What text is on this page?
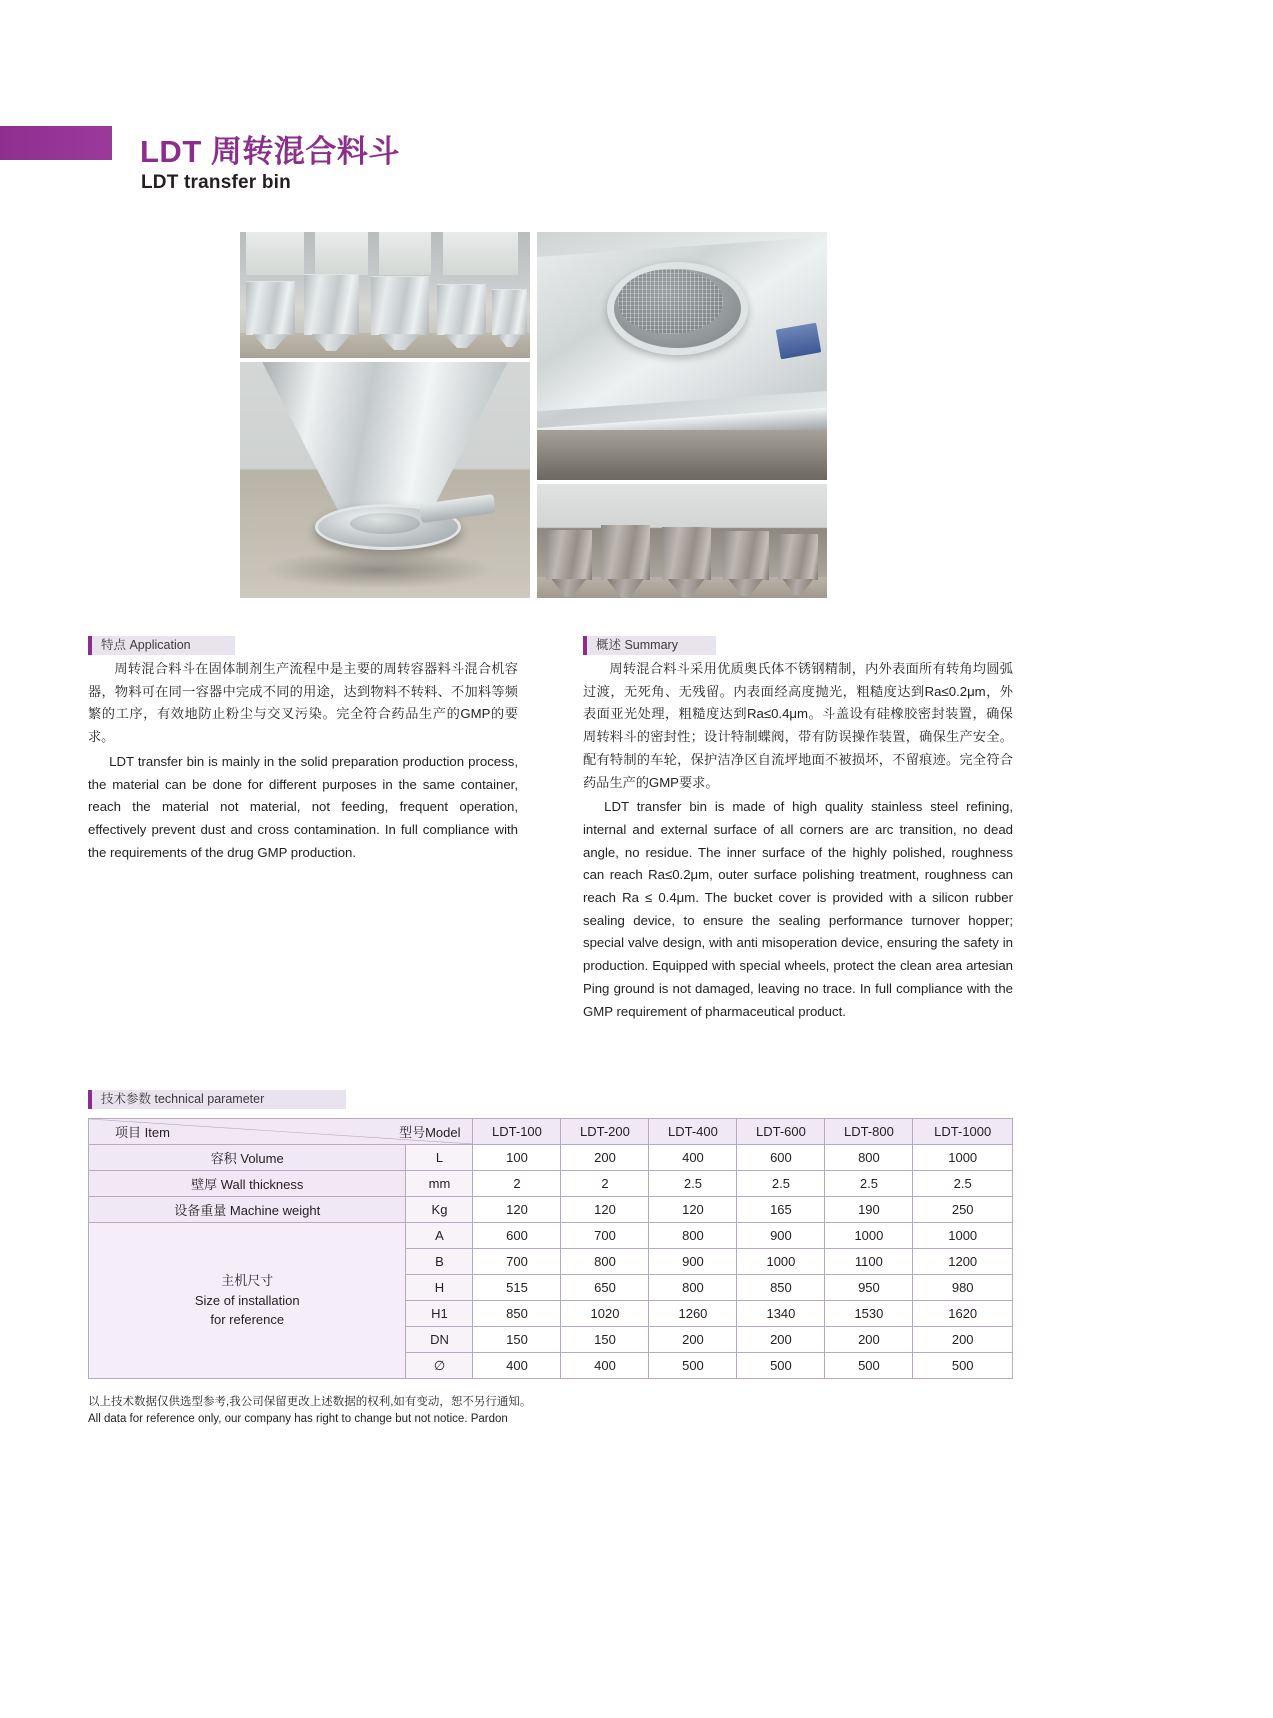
LDT 周转混合料斗
LDT transfer bin
特点 Application	概述 Summary
技术参数 technical parameter

周转混合料斗在固体制剂生产流程中是主要的周转容器料斗混合机容器，物料可在同一容器中完成不同的用途，达到物料不转料、不加料等频繁的工序，有效地防止粉尘与交叉污染。完全符合药品生产的GMP的要求。

LDT transfer bin is mainly in the solid preparation production process, the material can be done for different purposes in the same container, reach the material not material, not feeding, frequent operation, effectively prevent dust and cross contamination. In full compliance with the requirements of the drug GMP production.

周转混合料斗采用优质奥氏体不锈钢精制，内外表面所有转角均圆弧过渡，无死角、无残留。内表面经高度抛光，粗糙度达到Ra≤0.2μm，外表面亚光处理，粗糙度达到Ra≤0.4μm。斗盖设有硅橡胶密封装置，确保周转料斗的密封性；设计特制蝶阀，带有防误操作装置，确保生产安全。配有特制的车轮，保护洁净区自流坪地面不被损坏，不留痕迹。完全符合药品生产的GMP要求。

LDT transfer bin is made of high quality stainless steel refining, internal and external surface of all corners are arc transition, no dead angle, no residue. The inner surface of the highly polished, roughness can reach Ra≤0.2μm, outer surface polishing treatment, roughness can reach Ra ≤ 0.4μm. The bucket cover is provided with a silicon rubber sealing device, to ensure the sealing performance turnover hopper; special valve design, with anti misoperation device, ensuring the safety in production. Equipped with special wheels, protect the clean area artesian Ping ground is not damaged, leaving no trace. In full compliance with the GMP requirement of pharmaceutical product.

项目 Item 型号Model		LDT-100	LDT-200	LDT-400	LDT-600	LDT-800	LDT-1000
容积 Volume	L	100	200	400	600	800	1000
壁厚 Wall thickness	mm	2	2	2.5	2.5	2.5	2.5
设备重量 Machine weight	Kg	120	120	120	165	190	250

主机尺寸
Size of installation
for reference	A	600	700	800	900	1000	1000
	B	700	800	900	1000	1100	1200
	H	515	650	800	850	950	980
	H1	850	1020	1260	1340	1530	1620
	DN	150	150	200	200	200	200
	∅	400	400	500	500	500	500
以上技术数据仅供选型参考,我公司保留更改上述数据的权利,如有变动，恕不另行通知。
All data for reference only, our company has right to change but not notice. Pardon
